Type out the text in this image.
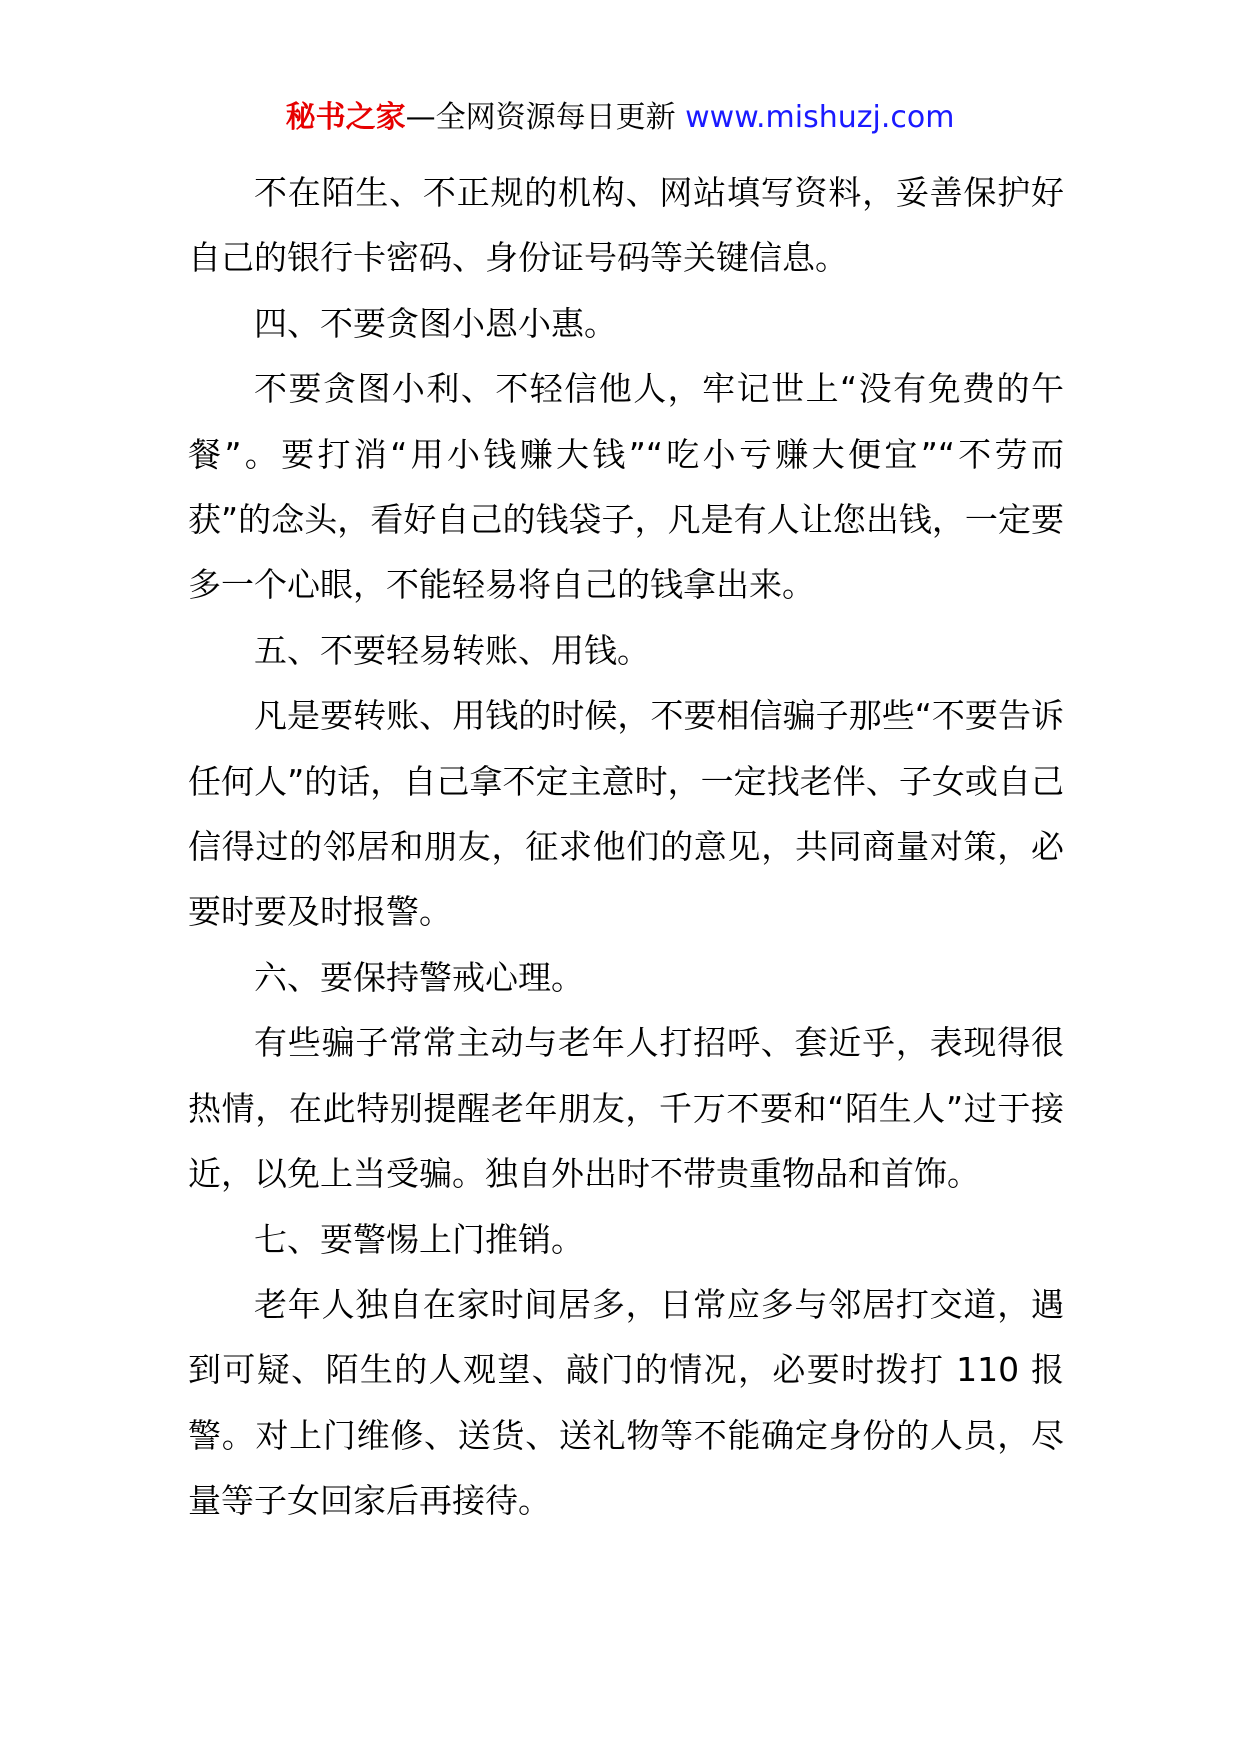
秘书之家—全网资源每日更新 www.mishuzj.com

不在陌生、不正规的机构、网站填写资料，妥善保护好自己的银行卡密码、身份证号码等关键信息。

四、不要贪图小恩小惠。

不要贪图小利、不轻信他人，牢记世上“没有免费的午餐”。要打消“用小钱赚大钱”“吃小亏赚大便宜”“不劳而获”的念头，看好自己的钱袋子，凡是有人让您出钱，一定要多一个心眼，不能轻易将自己的钱拿出来。

五、不要轻易转账、用钱。

凡是要转账、用钱的时候，不要相信骗子那些“不要告诉任何人”的话，自己拿不定主意时，一定找老伴、子女或自己信得过的邻居和朋友，征求他们的意见，共同商量对策，必要时要及时报警。

六、要保持警戒心理。

有些骗子常常主动与老年人打招呼、套近乎，表现得很热情，在此特别提醒老年朋友，千万不要和“陌生人”过于接近，以免上当受骗。独自外出时不带贵重物品和首饰。

七、要警惕上门推销。

老年人独自在家时间居多，日常应多与邻居打交道，遇到可疑、陌生的人观望、敲门的情况，必要时拨打 110 报警。对上门维修、送货、送礼物等不能确定身份的人员，尽量等子女回家后再接待。
